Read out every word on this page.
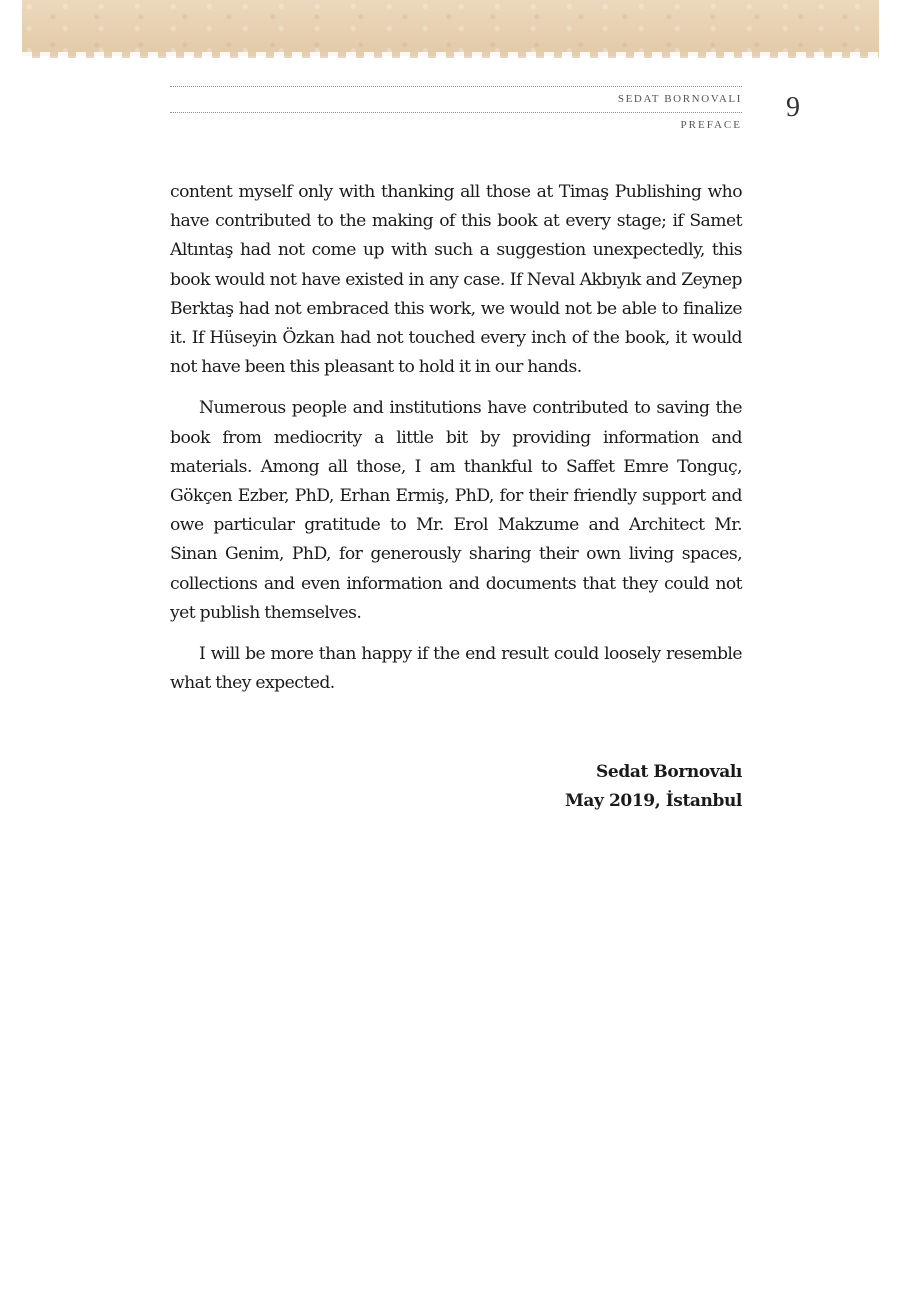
SEDAT BORNOVALI
PREFACE
9

content myself only with thanking all those at Timaş Publishing who have contributed to the making of this book at every stage; if Samet Altıntaş had not come up with such a suggestion unexpectedly, this book would not have existed in any case. If Neval Akbıyık and Zeynep Berktaş had not embraced this work, we would not be able to finalize it. If Hüseyin Özkan had not touched every inch of the book, it would not have been this pleasant to hold it in our hands.

Numerous people and institutions have contributed to saving the book from mediocrity a little bit by providing information and materials. Among all those, I am thankful to Saffet Emre Tonguç, Gökçen Ezber, PhD, Erhan Ermiş, PhD, for their friendly support and owe particular gratitude to Mr. Erol Makzume and Architect Mr. Sinan Genim, PhD, for generously sharing their own living spaces, collections and even information and documents that they could not yet publish themselves.

I will be more than happy if the end result could loosely resemble what they expected.

Sedat Bornovalı
May 2019, İstanbul
